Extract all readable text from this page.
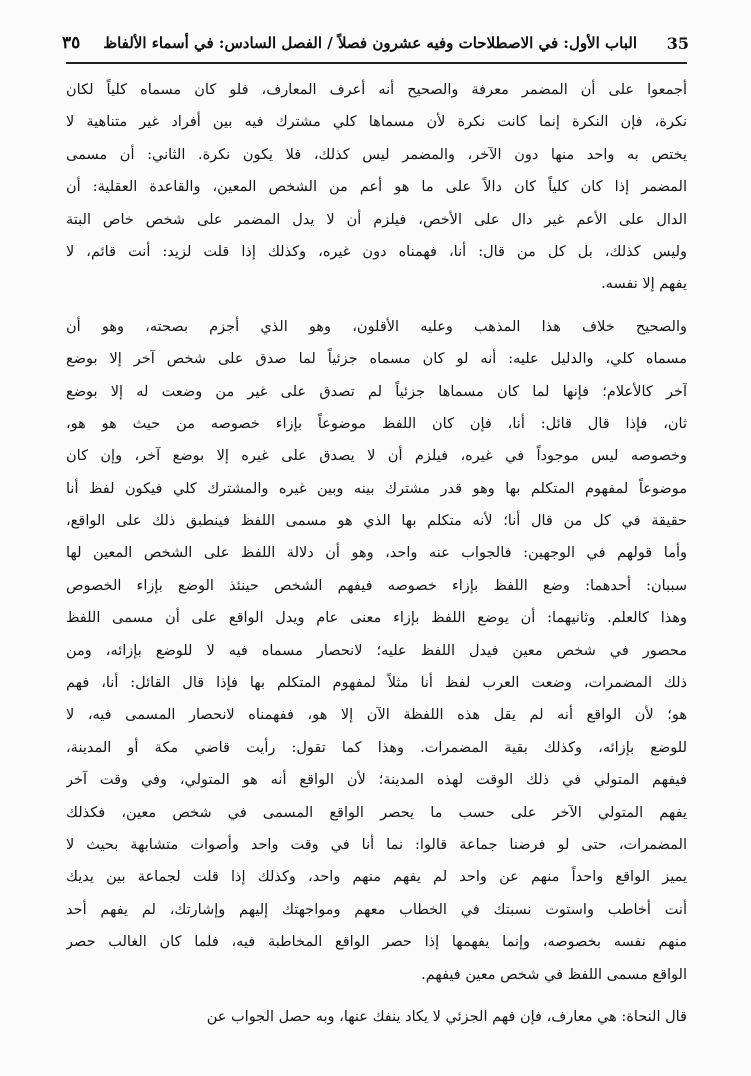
٣٥ الباب الأول: في الاصطلاحات وفيه عشرون فصلاً / الفصل السادس: في أسماء الألفاظ 35
أجمعوا على أن المضمر معرفة والصحيح أنه أعرف المعارف، فلو كان مسماه كلياً لكان
نكرة، فإن النكرة إنما كانت نكرة لأن مسماها كلي مشترك فيه بين أفراد غير متناهية لا
يختص به واحد منها دون الآخر، والمضمر ليس كذلك، فلا يكون نكرة. الثاني: أن مسمى
المضمر إذا كان كلياً كان دالاً على ما هو أعم من الشخص المعين، والقاعدة العقلية: أن
الدال على الأعم غير دال على الأخص، فيلزم أن لا يدل المضمر على شخص خاص البتة
وليس كذلك، بل كل من قال: أنا، فهمناه دون غيره، وكذلك إذا قلت لزيد: أنت قائم، لا
يفهم إلا نفسه.
والصحيح خلاف هذا المذهب وعليه الأقلون، وهو الذي أجزم بصحته، وهو أن
مسماه كلي، والدليل عليه: أنه لو كان مسماه جزئياً لما صدق على شخص آخر إلا بوضع
آخر كالأعلام؛ فإنها لما كان مسماها جزئياً لم تصدق على غير من وضعت له إلا بوضع
ثان، فإذا قال قائل: أنا، فإن كان اللفظ موضوعاً بإزاء خصوصه من حيث هو هو،
وخصوصه ليس موجوداً في غيره، فيلزم أن لا يصدق على غيره إلا بوضع آخر، وإن كان
موضوعاً لمفهوم المتكلم بها وهو قدر مشترك بينه وبين غيره والمشترك كلي فيكون لفظ أنا
حقيقة في كل من قال أنا؛ لأنه متكلم بها الذي هو مسمى اللفظ فينطبق ذلك على الواقع،
وأما قولهم في الوجهين: فالجواب عنه واحد، وهو أن دلالة اللفظ على الشخص المعين لها
سببان: أحدهما: وضع اللفظ بإزاء خصوصه فيفهم الشخص حينئذ الوضع بإزاء الخصوص
وهذا كالعلم. وثانيهما: أن يوضع اللفظ بإزاء معنى عام ويدل الواقع على أن مسمى اللفظ
محصور في شخص معين فيدل اللفظ عليه؛ لانحصار مسماه فيه لا للوضع بإزائه، ومن
ذلك المضمرات، وضعت العرب لفظ أنا مثلاً لمفهوم المتكلم بها فإذا قال القائل: أنا، فهم
هو؛ لأن الواقع أنه لم يقل هذه اللفظة الآن إلا هو، ففهمناه لانحصار المسمى فيه، لا
للوضع بإزائه، وكذلك بقية المضمرات. وهذا كما تقول: رأيت قاضي مكة أو المدينة،
فيفهم المتولي في ذلك الوقت لهذه المدينة؛ لأن الواقع أنه هو المتولي، وفي وقت آخر
يفهم المتولي الآخر على حسب ما يحصر الواقع المسمى في شخص معين، فكذلك
المضمرات، حتى لو فرضنا جماعة قالوا: نما أنا في وقت واحد وأصوات متشابهة بحيث لا
يميز الواقع واحداً منهم عن واحد لم يفهم منهم واحد، وكذلك إذا قلت لجماعة بين يديك
أنت أخاطب واستوت نسبتك في الخطاب معهم ومواجهتك إليهم وإشارتك، لم يفهم أحد
منهم نفسه بخصوصه، وإنما يفهمها إذا حصر الواقع المخاطبة فيه، فلما كان الغالب حصر
الواقع مسمى اللفظ في شخص معين فيفهم.
قال النحاة: هي معارف، فإن فهم الجزئي لا يكاد ينفك عنها، وبه حصل الجواب عن
